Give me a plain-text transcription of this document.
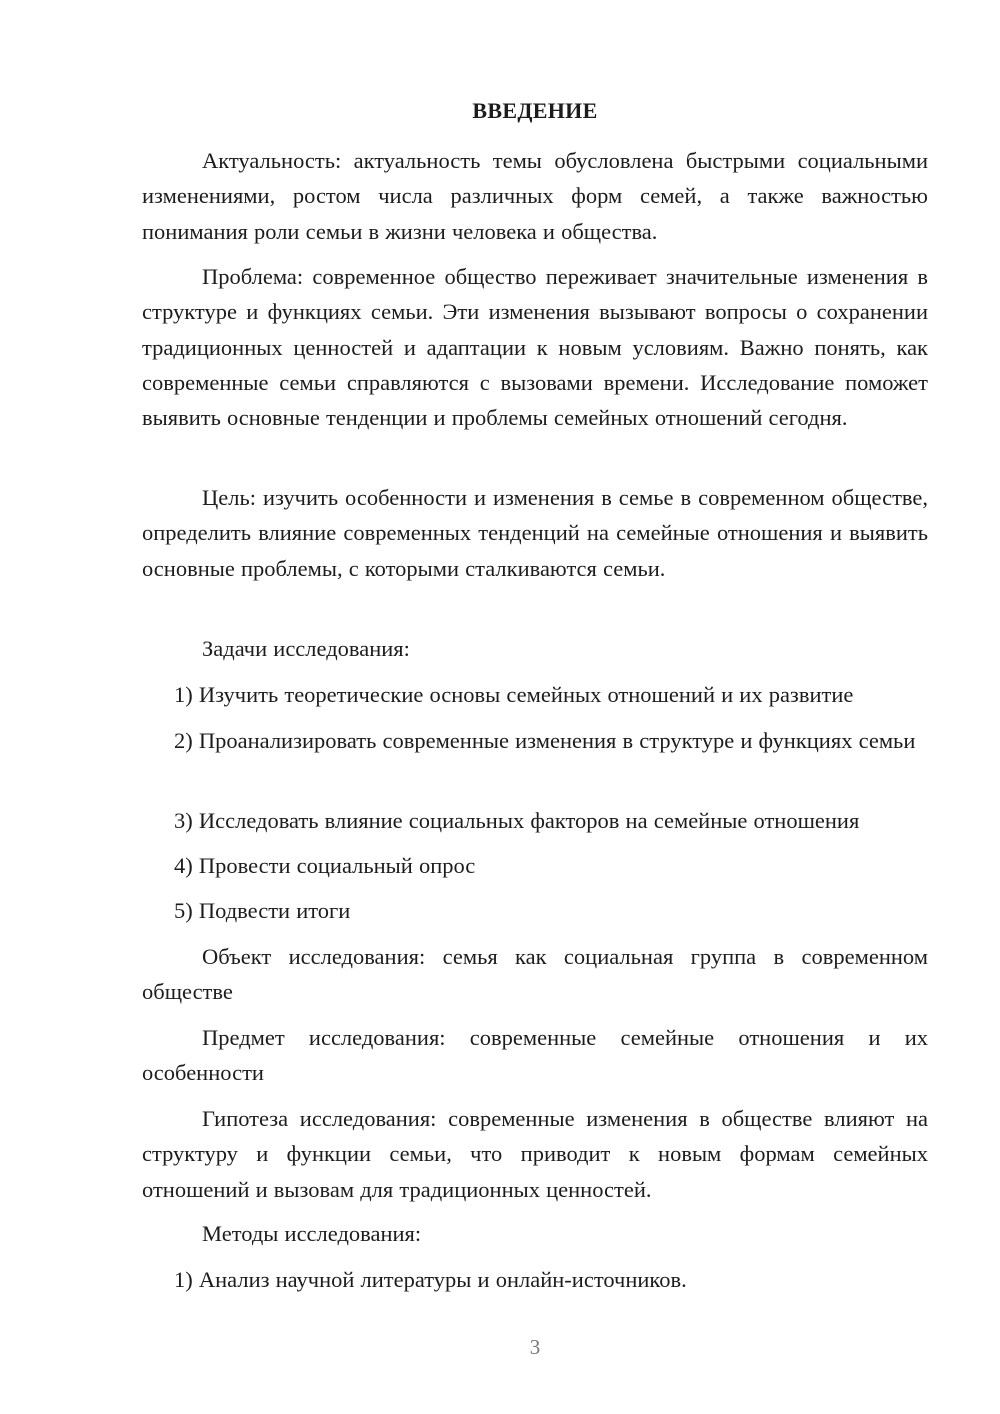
ВВЕДЕНИЕ

Актуальность: актуальность темы обусловлена быстрыми социальными изменениями, ростом числа различных форм семей, а также важностью понимания роли семьи в жизни человека и общества.

Проблема: современное общество переживает значительные изменения в структуре и функциях семьи. Эти изменения вызывают вопросы о сохранении традиционных ценностей и адаптации к новым условиям. Важно понять, как современные семьи справляются с вызовами времени. Исследование поможет выявить основные тенденции и проблемы семейных отношений сегодня.

Цель: изучить особенности и изменения в семье в современном обществе, определить влияние современных тенденций на семейные отношения и выявить основные проблемы, с которыми сталкиваются семьи.

Задачи исследования:

1) Изучить теоретические основы семейных отношений и их развитие

2) Проанализировать современные изменения в структуре и функциях семьи

3) Исследовать влияние социальных факторов на семейные отношения

4) Провести социальный опрос

5) Подвести итоги

Объект исследования: семья как социальная группа в современном обществе

Предмет исследования: современные семейные отношения и их особенности

Гипотеза исследования: современные изменения в обществе влияют на структуру и функции семьи, что приводит к новым формам семейных отношений и вызовам для традиционных ценностей.

Методы исследования:

1) Анализ научной литературы и онлайн-источников.

3
